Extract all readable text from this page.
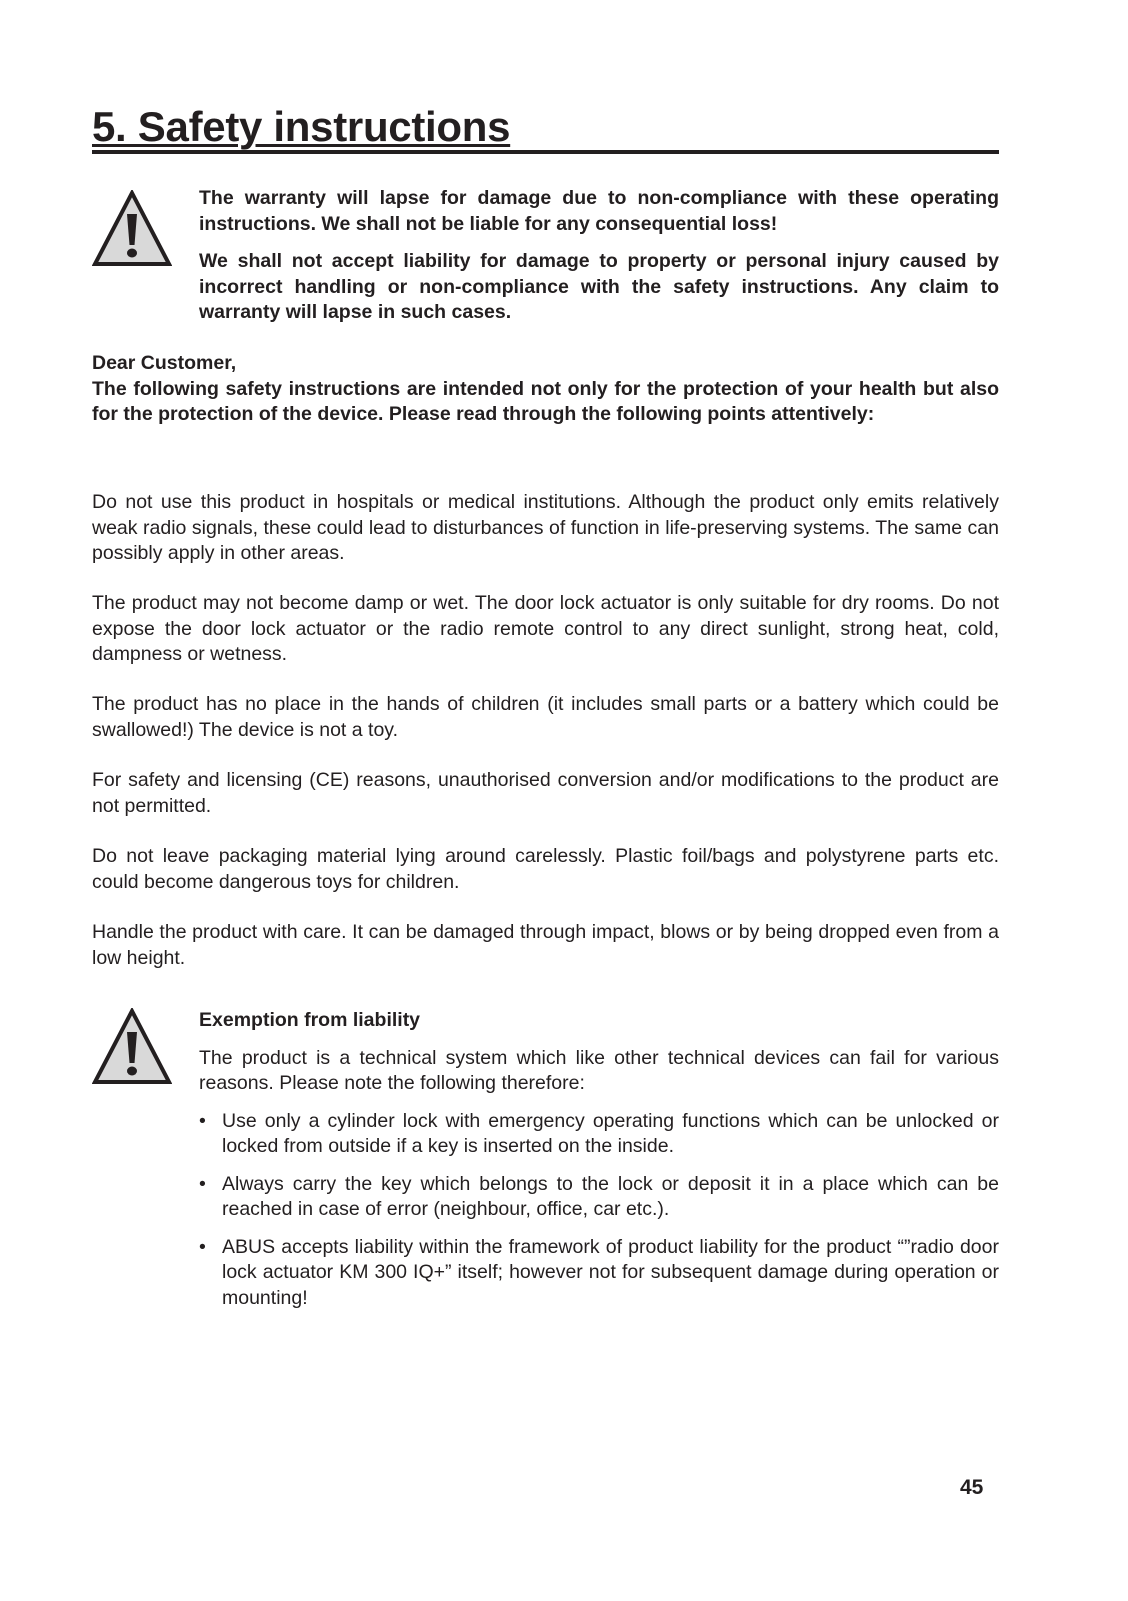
5. Safety instructions

The warranty will lapse for damage due to non-compliance with these operating instructions. We shall not be liable for any consequential loss!

We shall not accept liability for damage to property or personal injury caused by incorrect handling or non-compliance with the safety instructions. Any claim to warranty will lapse in such cases.

Dear Customer,

The following safety instructions are intended not only for the protection of your health but also for the protection of the device. Please read through the following points attentively:

Do not use this product in hospitals or medical institutions. Although the product only emits relatively weak radio signals, these could lead to disturbances of function in life-preserving systems. The same can possibly apply in other areas.

The product may not become damp or wet. The door lock actuator is only suitable for dry rooms. Do not expose the door lock actuator or the radio remote control to any direct sunlight, strong heat, cold, dampness or wetness.

The product has no place in the hands of children (it includes small parts or a battery which could be swallowed!) The device is not a toy.

For safety and licensing (CE) reasons, unauthorised conversion and/or modifications to the product are not permitted.

Do not leave packaging material lying around carelessly. Plastic foil/bags and polystyrene parts etc. could become dangerous toys for children.

Handle the product with care. It can be damaged through impact, blows or by being dropped even from a low height.

Exemption from liability

The product is a technical system which like other technical devices can fail for various reasons. Please note the following therefore:

• Use only a cylinder lock with emergency operating functions which can be unlocked or locked from outside if a key is inserted on the inside.
• Always carry the key which belongs to the lock or deposit it in a place which can be reached in case of error (neighbour, office, car etc.).
• ABUS accepts liability within the framework of product liability for the product “”radio door lock actuator KM 300 IQ+” itself; however not for subsequent damage during operation or mounting!
45
